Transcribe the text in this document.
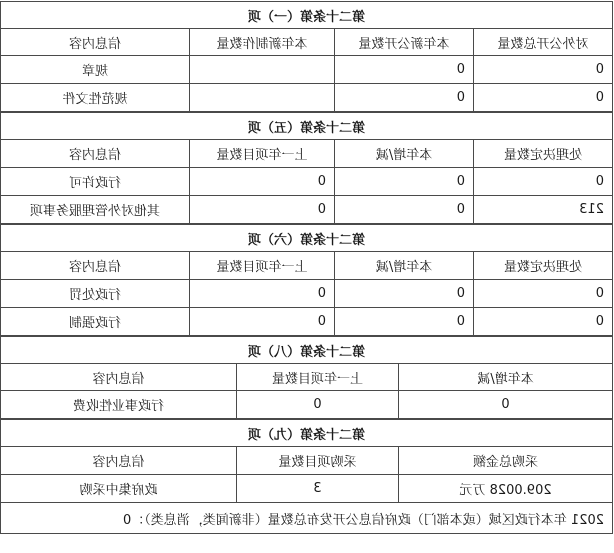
第二十条第（一）项			
对外公开总数量	本年新公开数量	本年新制作数量	信息内容
0	0		规章
0	0		规范性文件
第二十条第（五）项			
处理决定数量	本年增/减	上一年项目数量	信息内容
0	0	0	行政许可
213	0	0	其他对外管理服务事项
第二十条第（六）项			
处理决定数量	本年增/减	上一年项目数量	信息内容
0	0	0	行政处罚
0	0	0	行政强制
第二十条第（八）项		
本年增/减	上一年项目数量	信息内容
0	0	行政事业性收费
第二十条第（九）项		
采购总金额	采购项目数量	信息内容
209.0028 万元	3	政府集中采购
2021 年本行政区域（或本部门）政府信息公开发布总数量（非新闻类，消息类）：0		
